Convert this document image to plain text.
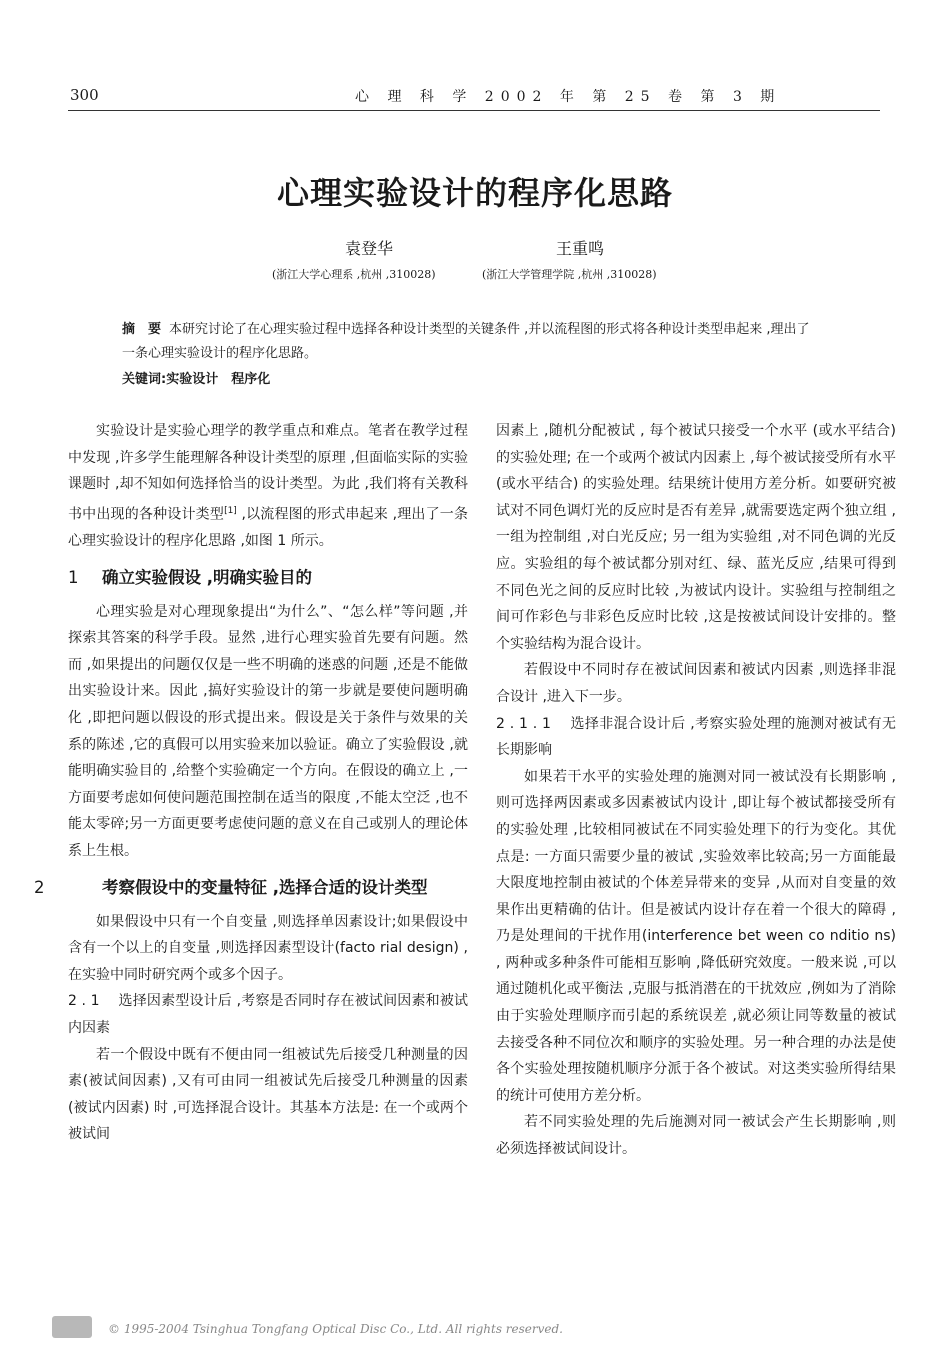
300	心 理 科 学 2002 年 第 25 卷 第 3 期
心理实验设计的程序化思路
袁登华	王重鸣
(浙江大学心理系 ,杭州 ,310028)	(浙江大学管理学院 ,杭州 ,310028)
摘　要 本研究讨论了在心理实验过程中选择各种设计类型的关键条件 ,并以流程图的形式将各种设计类型串起来 ,理出了一条心理实验设计的程序化思路。
关键词:实验设计　程序化

实验设计是实验心理学的教学重点和难点。笔者在教学过程中发现 ,许多学生能理解各种设计类型的原理 ,但面临实际的实验课题时 ,却不知如何选择恰当的设计类型。为此 ,我们将有关教科书中出现的各种设计类型[1] ,以流程图的形式串起来 ,理出了一条心理实验设计的程序化思路 ,如图 1 所示。

1 确立实验假设 ,明确实验目的

心理实验是对心理现象提出“为什么”、“怎么样”等问题 ,并探索其答案的科学手段。显然 ,进行心理实验首先要有问题。然而 ,如果提出的问题仅仅是一些不明确的迷惑的问题 ,还是不能做出实验设计来。因此 ,搞好实验设计的第一步就是要使问题明确化 ,即把问题以假设的形式提出来。假设是关于条件与效果的关系的陈述 ,它的真假可以用实验来加以验证。确立了实验假设 ,就能明确实验目的 ,给整个实验确定一个方向。在假设的确立上 ,一方面要考虑如何使问题范围控制在适当的限度 ,不能太空泛 ,也不能太零碎;另一方面更要考虑使问题的意义在自己或别人的理论体系上生根。

2	考察假设中的变量特征 ,选择合适的设计类型

如果假设中只有一个自变量 ,则选择单因素设计;如果假设中含有一个以上的自变量 ,则选择因素型设计(facto rial design) ,在实验中同时研究两个或多个因子。

2 . 1　 选择因素型设计后 ,考察是否同时存在被试间因素和被试内因素

若一个假设中既有不便由同一组被试先后接受几种测量的因素(被试间因素) ,又有可由同一组被试先后接受几种测量的因素(被试内因素) 时 ,可选择混合设计。其基本方法是: 在一个或两个被试间

因素上 ,随机分配被试 , 每个被试只接受一个水平 (或水平结合) 的实验处理; 在一个或两个被试内因素上 ,每个被试接受所有水平(或水平结合) 的实验处理。结果统计使用方差分析。如要研究被试对不同色调灯光的反应时是否有差异 ,就需要选定两个独立组 ,一组为控制组 ,对白光反应; 另一组为实验组 ,对不同色调的光反应。实验组的每个被试都分别对红、绿、蓝光反应 ,结果可得到不同色光之间的反应时比较 ,为被试内设计。实验组与控制组之间可作彩色与非彩色反应时比较 ,这是按被试间设计安排的。整个实验结构为混合设计。

若假设中不同时存在被试间因素和被试内因素 ,则选择非混合设计 ,进入下一步。

2 . 1 . 1　 选择非混合设计后 ,考察实验处理的施测对被试有无长期影响

如果若干水平的实验处理的施测对同一被试没有长期影响 ,则可选择两因素或多因素被试内设计 ,即让每个被试都接受所有的实验处理 ,比较相同被试在不同实验处理下的行为变化。其优点是: 一方面只需要少量的被试 ,实验效率比较高;另一方面能最大限度地控制由被试的个体差异带来的变异 ,从而对自变量的效果作出更精确的估计。但是被试内设计存在着一个很大的障碍 ,乃是处理间的干扰作用(interference bet ween co nditio ns) , 两种或多种条件可能相互影响 ,降低研究效度。一般来说 ,可以通过随机化或平衡法 ,克服与抵消潜在的干扰效应 ,例如为了消除由于实验处理顺序而引起的系统误差 ,就必须让同等数量的被试去接受各种不同位次和顺序的实验处理。另一种合理的办法是使各个实验处理按随机顺序分派于各个被试。对这类实验所得结果的统计可使用方差分析。

若不同实验处理的先后施测对同一被试会产生长期影响 ,则必须选择被试间设计。

© 1995-2004 Tsinghua Tongfang Optical Disc Co., Ltd. All rights reserved.
